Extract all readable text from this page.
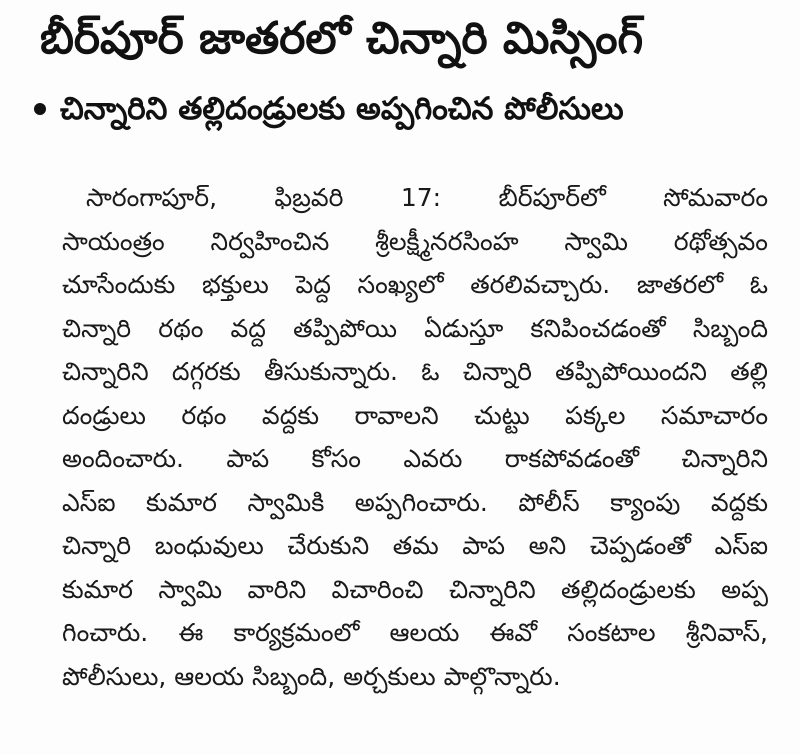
బీర్‌పూర్ జాతరలో చిన్నారి మిస్సింగ్
చిన్నారిని తల్లిదండ్రులకు అప్పగించిన పోలీసులు
సారంగాపూర్, ఫిబ్రవరి 17: బీర్‌పూర్‌లో సోమవారం
సాయంత్రం నిర్వహించిన శ్రీలక్ష్మీనరసింహ స్వామి రథోత్సవం
చూసేందుకు భక్తులు పెద్ద సంఖ్యలో తరలివచ్చారు. జాతరలో ఓ
చిన్నారి రథం వద్ద తప్పిపోయి ఏడుస్తూ కనిపించడంతో సిబ్బంది
చిన్నారిని దగ్గరకు తీసుకున్నారు. ఓ చిన్నారి తప్పిపోయిందని తల్లి
దండ్రులు రథం వద్దకు రావాలని చుట్టు పక్కల సమాచారం
అందించారు. పాప కోసం ఎవరు రాకపోవడంతో చిన్నారిని
ఎస్ఐ కుమార స్వామికి అప్పగించారు. పోలీస్ క్యాంపు వద్దకు
చిన్నారి బంధువులు చేరుకుని తమ పాప అని చెప్పడంతో ఎస్ఐ
కుమార స్వామి వారిని విచారించి చిన్నారిని తల్లిదండ్రులకు అప్ప
గించారు. ఈ కార్యక్రమంలో ఆలయ ఈవో సంకటాల శ్రీనివాస్,
పోలీసులు, ఆలయ సిబ్బంది, అర్చకులు పాల్గొన్నారు.
